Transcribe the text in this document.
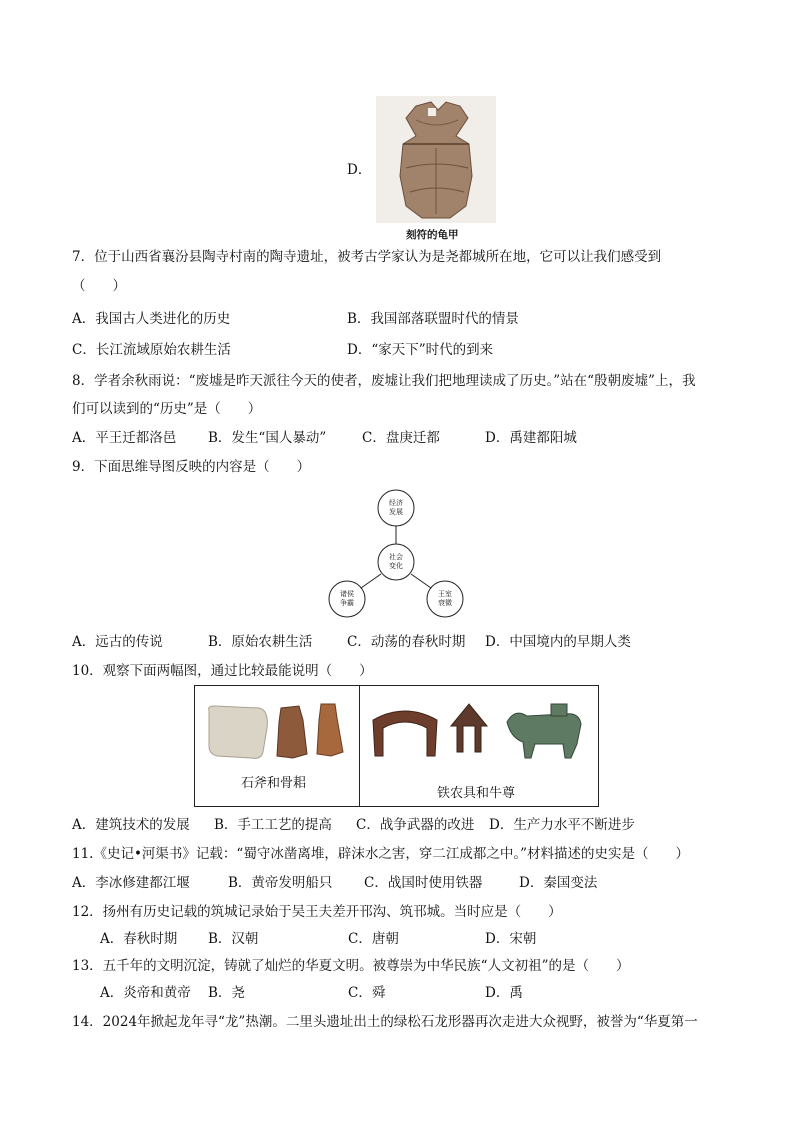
D．
刻符的龟甲
7．位于山西省襄汾县陶寺村南的陶寺遗址，被考古学家认为是尧都城所在地，它可以让我们感受到
（　　）
A．我国古人类进化的历史	B．我国部落联盟时代的情景
C．长江流域原始农耕生活	D．“家天下”时代的到来
8．学者余秋雨说：“废墟是昨天派往今天的使者，废墟让我们把地理读成了历史。”站在“殷朝废墟”上，我
们可以读到的“历史”是（　　）
A．平王迁都洛邑 B．发生“国人暴动”	C．盘庚迁都	D．禹建都阳城
9．下面思维导图反映的内容是（　　）
经济
发展
社会
变化
诸侯
争霸
王室
衰微
A．远古的传说	B．原始农耕生活	C．动荡的春秋时期 D．中国境内的早期人类
10．观察下面两幅图，通过比较最能说明（　　）
石斧和骨耜
铁农具和牛尊
A．建筑技术的发展 B．手工工艺的提高 C．战争武器的改进 D．生产力水平不断进步
11.《史记•河渠书》记载：“蜀守冰凿离堆，辟沫水之害，穿二江成都之中。”材料描述的史实是（　　）
A．李冰修建都江堰	B．黄帝发明船只 C．战国时使用铁器	D．秦国变法
12．扬州有历史记载的筑城记录始于吴王夫差开邗沟、筑邗城。当时应是（　　）
A．春秋时期 B．汉朝	C．唐朝	D．宋朝
13．五千年的文明沉淀，铸就了灿烂的华夏文明。被尊崇为中华民族“人文初祖”的是（　　）
A．炎帝和黄帝 B．尧	C．舜	D．禹
14．2024年掀起龙年寻“龙”热潮。二里头遗址出土的绿松石龙形器再次走进大众视野，被誉为“华夏第一
